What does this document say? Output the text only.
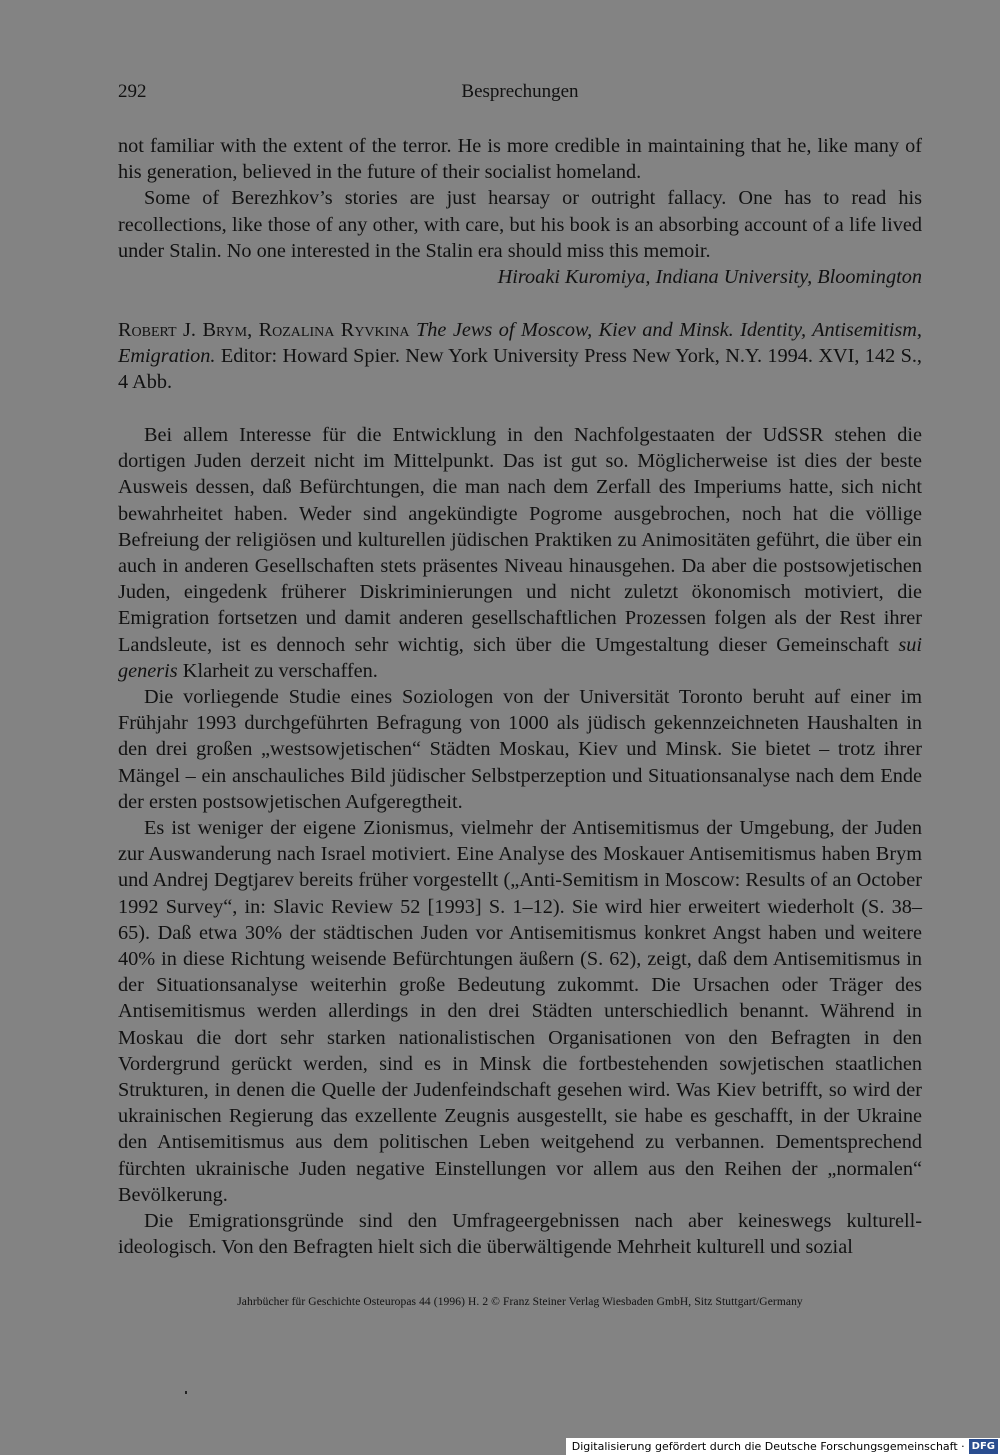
292	Besprechungen

not familiar with the extent of the terror. He is more credible in maintaining that he, like many of his generation, believed in the future of their socialist homeland.

Some of Berezhkov’s stories are just hearsay or outright fallacy. One has to read his recollections, like those of any other, with care, but his book is an absorbing account of a life lived under Stalin. No one interested in the Stalin era should miss this memoir.

Hiroaki Kuromiya, Indiana University, Bloomington

Robert J. Brym, Rozalina Ryvkina The Jews of Moscow, Kiev and Minsk. Identity, Antisemitism, Emigration. Editor: Howard Spier. New York University Press New York, N.Y. 1994. XVI, 142 S., 4 Abb.

Bei allem Interesse für die Entwicklung in den Nachfolgestaaten der UdSSR stehen die dortigen Juden derzeit nicht im Mittelpunkt. Das ist gut so. Möglicherweise ist dies der beste Ausweis dessen, daß Befürchtungen, die man nach dem Zerfall des Imperiums hatte, sich nicht bewahrheitet haben. Weder sind angekündigte Pogrome ausgebrochen, noch hat die völlige Befreiung der religiösen und kulturellen jüdischen Praktiken zu Animositäten geführt, die über ein auch in anderen Gesellschaften stets präsentes Niveau hinausgehen. Da aber die postsowjetischen Juden, eingedenk früherer Diskriminierungen und nicht zuletzt ökonomisch motiviert, die Emigration fortsetzen und damit anderen gesellschaftlichen Prozessen folgen als der Rest ihrer Landsleute, ist es dennoch sehr wichtig, sich über die Umgestaltung dieser Gemeinschaft sui generis Klarheit zu verschaffen.

Die vorliegende Studie eines Soziologen von der Universität Toronto beruht auf einer im Frühjahr 1993 durchgeführten Befragung von 1000 als jüdisch gekennzeichneten Haushalten in den drei großen „westsowjetischen“ Städten Moskau, Kiev und Minsk. Sie bietet – trotz ihrer Mängel – ein anschauliches Bild jüdischer Selbstperzeption und Situationsanalyse nach dem Ende der ersten postsowjetischen Aufgeregtheit.

Es ist weniger der eigene Zionismus, vielmehr der Antisemitismus der Umgebung, der Juden zur Auswanderung nach Israel motiviert. Eine Analyse des Moskauer Antisemitismus haben Brym und Andrej Degtjarev bereits früher vorgestellt („Anti-Semitism in Moscow: Results of an October 1992 Survey“, in: Slavic Review 52 [1993] S. 1–12). Sie wird hier erweitert wiederholt (S. 38–65). Daß etwa 30% der städtischen Juden vor Antisemitismus konkret Angst haben und weitere 40% in diese Richtung weisende Befürchtungen äußern (S. 62), zeigt, daß dem Antisemitismus in der Situationsanalyse weiterhin große Bedeutung zukommt. Die Ursachen oder Träger des Antisemitismus werden allerdings in den drei Städten unterschiedlich benannt. Während in Moskau die dort sehr starken nationalistischen Organisationen von den Befragten in den Vordergrund gerückt werden, sind es in Minsk die fortbestehenden sowjetischen staatlichen Strukturen, in denen die Quelle der Judenfeindschaft gesehen wird. Was Kiev betrifft, so wird der ukrainischen Regierung das exzellente Zeugnis ausgestellt, sie habe es geschafft, in der Ukraine den Antisemitismus aus dem politischen Leben weitgehend zu verbannen. Dementsprechend fürchten ukrainische Juden negative Einstellungen vor allem aus den Reihen der „normalen“ Bevölkerung.

Die Emigrationsgründe sind den Umfrageergebnissen nach aber keineswegs kulturell-ideologisch. Von den Befragten hielt sich die überwältigende Mehrheit kulturell und sozial

Jahrbücher für Geschichte Osteuropas 44 (1996) H. 2 © Franz Steiner Verlag Wiesbaden GmbH, Sitz Stuttgart/Germany
Digitalisierung gefördert durch die Deutsche Forschungsgemeinschaft · DFG
